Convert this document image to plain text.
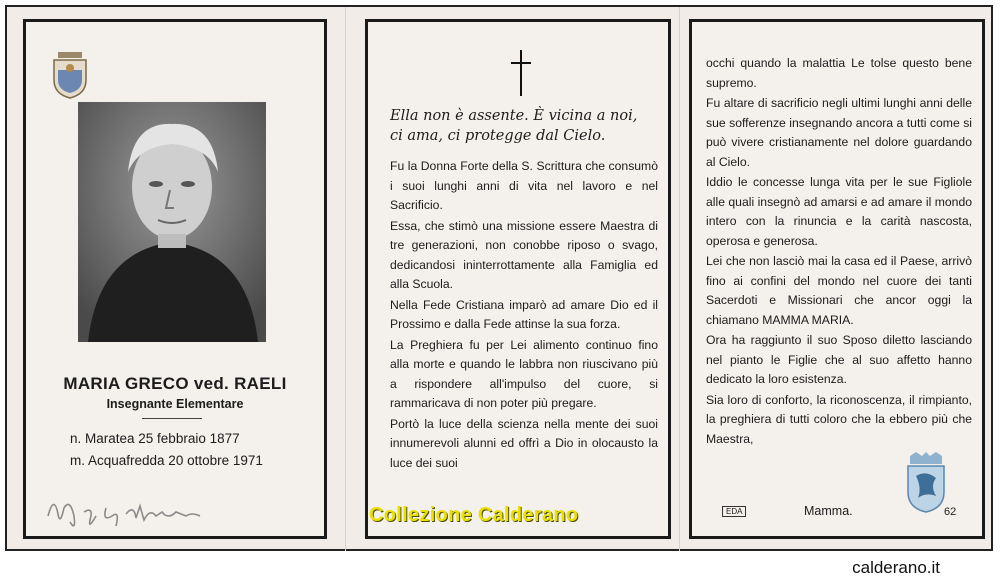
MARIA GRECO ved. RAELI
Insegnante Elementare
n. Maratea 25 febbraio 1877
m. Acquafredda 20 ottobre 1971
Ella non è assente. È vicina a noi,
ci ama, ci protegge dal Cielo.

Fu la Donna Forte della S. Scrittura che consumò i suoi lunghi anni di vita nel lavoro e nel Sacrificio.

Essa, che stimò una missione essere Maestra di tre generazioni, non conobbe riposo o svago, dedicandosi ininterrottamente alla Famiglia ed alla Scuola.

Nella Fede Cristiana imparò ad amare Dio ed il Prossimo e dalla Fede attinse la sua forza.

La Preghiera fu per Lei alimento continuo fino alla morte e quando le labbra non riuscivano più a rispondere all'impulso del cuore, si rammaricava di non poter più pregare.

Portò la luce della scienza nella mente dei suoi innumerevoli alunni ed offrì a Dio in olocausto la luce dei suoi

occhi quando la malattia Le tolse questo bene supremo.

Fu altare di sacrificio negli ultimi lunghi anni delle sue sofferenze insegnando ancora a tutti come si può vivere cristianamente nel dolore guardando al Cielo.

Iddio le concesse lunga vita per le sue Figliole alle quali insegnò ad amarsi e ad amare il mondo intero con la rinuncia e la carità nascosta, operosa e generosa.

Lei che non lasciò mai la casa ed il Paese, arrivò fino ai confini del mondo nel cuore dei tanti Sacerdoti e Missionari che ancor oggi la chiamano MAMMA MARIA.

Ora ha raggiunto il suo Sposo diletto lasciando nel pianto le Figlie che al suo affetto hanno dedicato la loro esistenza.

Sia loro di conforto, la riconoscenza, il rimpianto, la preghiera di tutti coloro che la ebbero più che Maestra,

EDA	Mamma.	62
Collezione Calderano
calderano.it
